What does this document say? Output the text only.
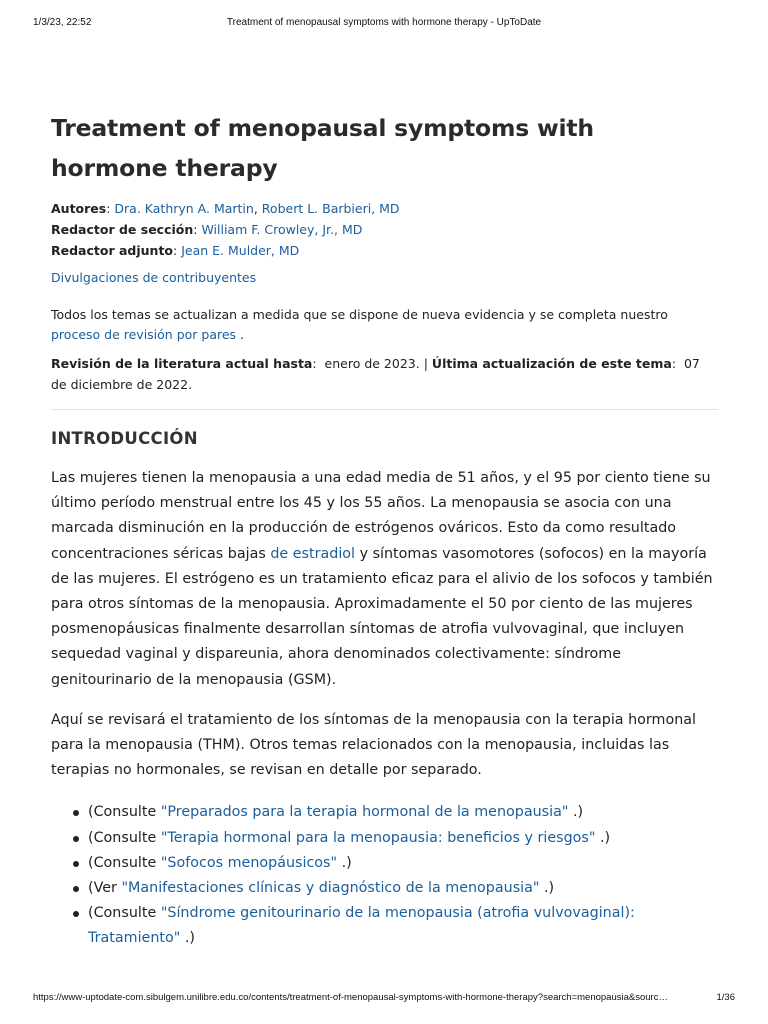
1/3/23, 22:52	Treatment of menopausal symptoms with hormone therapy - UpToDate
Treatment of menopausal symptoms with hormone therapy
Autores: Dra. Kathryn A. Martin, Robert L. Barbieri, MD
Redactor de sección: William F. Crowley, Jr., MD
Redactor adjunto: Jean E. Mulder, MD
Divulgaciones de contribuyentes
Todos los temas se actualizan a medida que se dispone de nueva evidencia y se completa nuestro proceso de revisión por pares .
Revisión de la literatura actual hasta:  enero de 2023. | Última actualización de este tema:  07 de diciembre de 2022.
INTRODUCCIÓN

Las mujeres tienen la menopausia a una edad media de 51 años, y el 95 por ciento tiene su último período menstrual entre los 45 y los 55 años. La menopausia se asocia con una marcada disminución en la producción de estrógenos ováricos. Esto da como resultado concentraciones séricas bajas de estradiol y síntomas vasomotores (sofocos) en la mayoría de las mujeres. El estrógeno es un tratamiento eficaz para el alivio de los sofocos y también para otros síntomas de la menopausia. Aproximadamente el 50 por ciento de las mujeres posmenopáusicas finalmente desarrollan síntomas de atrofia vulvovaginal, que incluyen sequedad vaginal y dispareunia, ahora denominados colectivamente: síndrome genitourinario de la menopausia (GSM).

Aquí se revisará el tratamiento de los síntomas de la menopausia con la terapia hormonal para la menopausia (THM). Otros temas relacionados con la menopausia, incluidas las terapias no hormonales, se revisan en detalle por separado.

(Consulte "Preparados para la terapia hormonal de la menopausia" .)
(Consulte "Terapia hormonal para la menopausia: beneficios y riesgos" .)
(Consulte "Sofocos menopáusicos" .)
(Ver "Manifestaciones clínicas y diagnóstico de la menopausia" .)
(Consulte "Síndrome genitourinario de la menopausia (atrofia vulvovaginal): Tratamiento" .)
https://www-uptodate-com.sibulgem.unilibre.edu.co/contents/treatment-of-menopausal-symptoms-with-hormone-therapy?search=menopausia&sourc…	1/36
